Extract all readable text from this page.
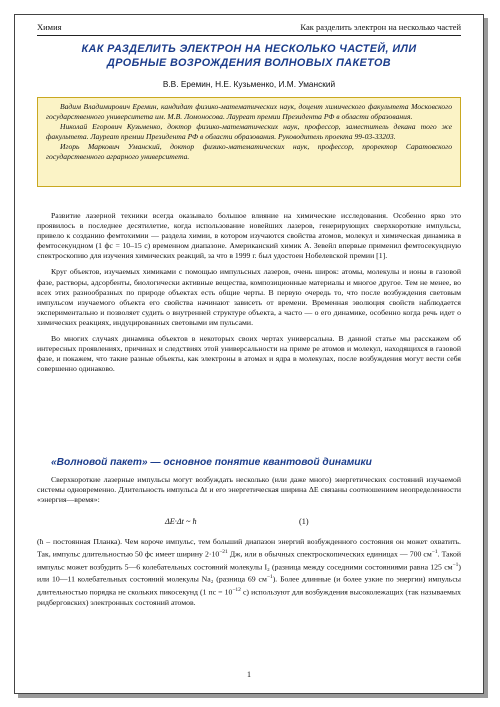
Химия	Как разделить электрон на несколько частей
КАК РАЗДЕЛИТЬ ЭЛЕКТРОН НА НЕСКОЛЬКО ЧАСТЕЙ, ИЛИ
ДРОБНЫЕ ВОЗРОЖДЕНИЯ ВОЛНОВЫХ ПАКЕТОВ
В.В. Еремин, Н.Е. Кузьменко, И.М. Уманский

Вадим Владимирович Еремин, кандидат физико-математических наук, доцент химического факультета Московского государственного университета им. М.В. Ломоносова. Лауреат премии Президента РФ в области образования.

Николай Егорович Кузьменко, доктор физико-математических наук, профессор, заместитель декана того же факультета. Лауреат премии Президента РФ в области образования. Руководитель проекта 99-03-33203.

Игорь Маркович Уманский, доктор физико-математических наук, профессор, проректор Саратовского государственного аграрного университета.

Развитие лазерной техники всегда оказывало большое влияние на химические исследования. Особенно ярко это проявилось в последнее десятилетие, когда использование новейших лазеров, генерирующих сверхкороткие импульсы, привело к созданию фемтохимии — раздела химии, в котором изучаются свойства атомов, молекул и химическая динамика в фемтосекундном (1 фс = 10–15 с) временном диапазоне. Американский химик А. Зевейл впервые применил фемтосекундную спектроскопию для изучения химических реакций, за что в 1999 г. был удостоен Нобелевской премии [1].

Круг объектов, изучаемых химиками с помощью импульсных лазеров, очень широк: атомы, молекулы и ионы в газовой фазе, растворы, адсорбенты, биологически активные вещества, композиционные материалы и многое другое. Тем не менее, во всех этих разнообразных по природе объектах есть общие черты. В первую очередь то, что после возбуждения световым импульсом изучаемого объекта его свойства начинают зависеть от времени. Временная эволюция свойств наблюдается экспериментально и позволяет судить о внутренней структуре объекта, а часто — о его динамике, особенно когда речь идет о химических реакциях, индуцированных световыми им пульсами.

Во многих случаях динамика объектов в некоторых своих чертах универсальна. В данной статье мы расскажем об интересных проявлениях, причинах и следствиях этой универсальности на приме ре атомов и молекул, находящихся в газовой фазе, и покажем, что такие разные объекты, как электроны в атомах и ядра в молекулах, после возбуждения могут вести себя совершенно одинаково.

«Волновой пакет» — основное понятие квантовой динамики

Сверхкороткие лазерные импульсы могут возбуждать несколько (или даже много) энергетических состояний изучаемой системы одновременно. Длительность импульса Δt и его энергетическая ширина ΔE связаны соотношением неопределенности «энергия—время»:

ΔE·Δt ~ ħ	(1)

(ħ – постоянная Планка). Чем короче импульс, тем больший диапазон энергий возбужденного состояния он может охватить. Так, импульс длительностью 50 фс имеет ширину $2\cdot 10^{-21}$ Дж, или в обычных спектроскопических единицах — 700 $см^{-1}$. Такой импульс может возбудить 5—6 колебательных состояний молекулы I₂ (разница между соседними состояниями равна 125 $см^{-1}$) или 10—11 колебательных состояний молекулы Na₂ (разница 69 $см^{-1}$). Более длинные (и более узкие по энергии) импульсы длительностью порядка не скольких пикосекунд (1 пс = $10^{-12}$ с) используют для возбуждения высоколежащих (так называемых ридберговских) электронных состояний атомов.

1
